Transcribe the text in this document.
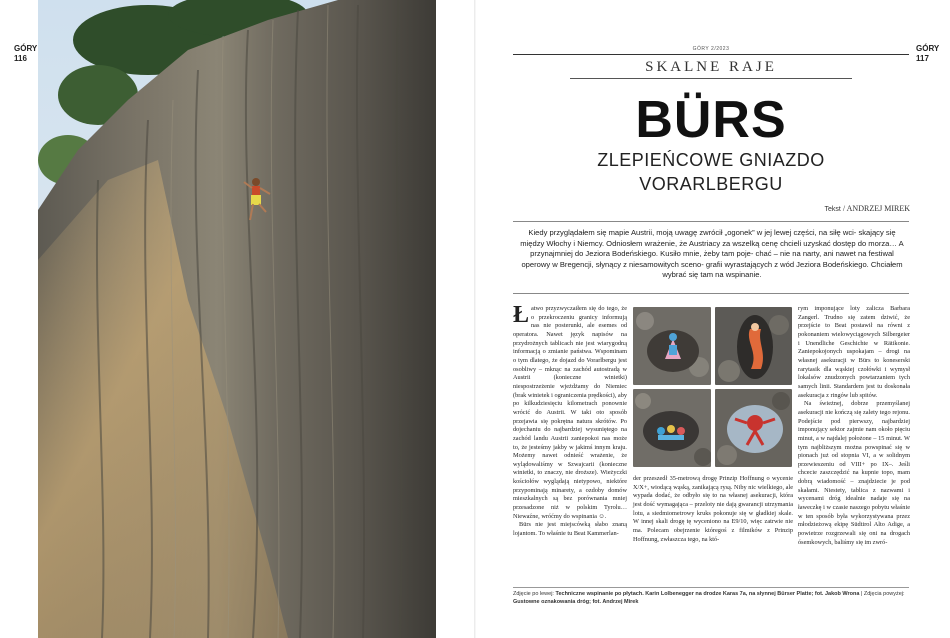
GÓRY
116
GÓRY
117
GÓRY 2/2023
SKALNE RAJE
BÜRS
ZLEPIEŃCOWE GNIAZDO
VORARLBERGU
Tekst / ANDRZEJ MIREK
Kiedy przyglądałem się mapie Austrii, moją uwagę zwrócił „ogonek” w jej lewej części, na siłę wci- skający się między Włochy i Niemcy. Odniosłem wrażenie, że Austriacy za wszelką cenę chcieli uzyskać dostęp do morza… A przynajmniej do Jeziora Bodeńskiego. Kusiło mnie, żeby tam poje- chać – nie na narty, ani nawet na festiwal operowy w Bregencji, słynący z niesamowitych sceno- grafii wyrastających z wód Jeziora Bodeńskiego. Chciałem wybrać się tam na wspinanie.
Łatwo przyzwyczaiłem się do tego, że o przekroczeniu granicy informują nas nie posterunki, ale esemes od operatora. Nawet język napisów na przydrożnych tablicach nie jest wiarygodną informacją o zmianie państwa. Wspominam o tym dlatego, że dojazd do Vorarlbergu jest osobliwy – mknąc na zachód autostradą w Austrii (konieczne winietki) niespostrzeżenie wjeżdżamy do Niemiec (brak winietek i ograniczenia prędkości), aby po kilkudziesięciu kilometrach ponownie wrócić do Austrii. W taki oto sposób przejawia się pokrętna natura skrótów. Po dojechaniu do najbardziej wysuniętego na zachód landu Austrii zaniepokoi nas może to, że jesteśmy jakby w jakimś innym kraju. Możemy nawet odnieść wrażenie, że wylądowaliśmy w Szwajcarii (konieczne winietki, to znaczy, nie droższe). Wieżyczki kościołów wyglądają nietypowo, niektóre przypominają minarety, a ozdoby domów mieszkalnych są bez porównania mniej przesadzone niż w polskim Tyrolu… Niewaźne, wróćmy do wspinania ☺.
Bürs nie jest miejscówką słabo znaną lojantom. To właśnie tu Beat Kammerlan-
der przeszedł 35-metrową drogę Prinzip Hoffnung o wycenie X/X+, wiodącą wąską, zanikającą rysą. Niby nic wielkiego, ale wypada dodać, że odbyło się to na własnej asekuracji, która jest dość wymagająca – przeloty nie dają gwarancji utrzymania lotu, a siedmiometrowy kruks pokonuje się w gładkiej skale. W innej skali drogę tę wyceniono na E9/10, więc zatrwie nie ma. Polecam obejrzenie któregoś z filmików z Prinzip Hoffnung, zwłaszcza tego, na któ-
rym imponujące loty zalicza Barbara Zangerl. Trudno się zatem dziwić, że przejście to Beat postawił na równi z pokonaniem wielowyciągowych Silbergeier i Unendliche Geschichte w Rätikonie. Zaniepokojonych uspokajam – drogi na własnej asekuracji w Bürs to koneserski rarytasik dla wąskiej czołówki i wymysł lokalsów znudzonych powtarzaniem tych samych linii. Standardem jest tu doskonała asekuracja z ringów lub spitów.
Na świeżnej, dobrze przemyślanej asekuracji nie kończą się zalety tego rejonu. Podejście pod pierwszy, najbardziej imponujący sektor zajmie nam około pięciu minut, a w najdalej położone – 15 minut. W tym najbliższym można powspinać się w pionach już od stopnia VI, a w solidnym przewieszeniu od VIII+ po IX–. Jeśli chcecie zaszczędzić na kupnie topo, mam dobrą wiadomość – znajdziecie je pod skałami. Niestety, tablica z nazwami i wycenami dróg idealnie nadaje się na ławeczkę i w czasie naszego pobytu właśnie w ten sposób była wykorzystywana przez młodzieżową ekipę Südtirol Alto Adige, a powietrze rozgrzewali się oni na drogach ósemkowych, baliśmy się im zwró-
Zdjęcie po lewej: Techniczne wspinanie po płytach. Karin Lolbenegger na drodze Karas 7a, na słynnej Bürser Platte; fot. Jakob Wrona | Zdjęcia powyżej: Gustowne oznakowania dróg; fot. Andrzej Mirek
